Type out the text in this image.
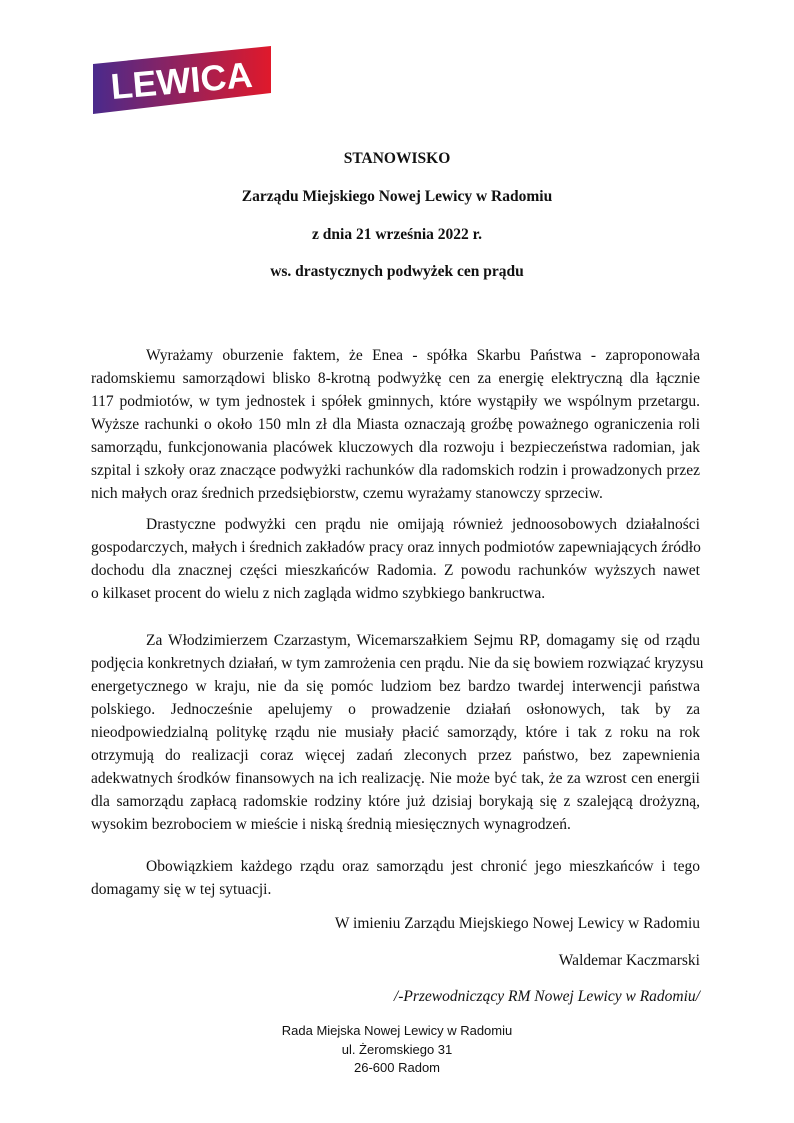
LEWICA
STANOWISKO
Zarządu Miejskiego Nowej Lewicy w Radomiu
z dnia 21 września 2022 r.
ws. drastycznych podwyżek cen prądu
Wyrażamy oburzenie faktem, że Enea - spółka Skarbu Państwa - zaproponowała
radomskiemu samorządowi blisko 8-krotną podwyżkę cen za energię elektryczną dla łącznie
117 podmiotów, w tym jednostek i spółek gminnych, które wystąpiły we wspólnym przetargu.
Wyższe rachunki o około 150 mln zł dla Miasta oznaczają groźbę poważnego ograniczenia roli
samorządu, funkcjonowania placówek kluczowych dla rozwoju i bezpieczeństwa radomian, jak
szpital i szkoły oraz znaczące podwyżki rachunków dla radomskich rodzin i prowadzonych przez
nich małych oraz średnich przedsiębiorstw, czemu wyrażamy stanowczy sprzeciw.
Drastyczne podwyżki cen prądu nie omijają również jednoosobowych działalności
gospodarczych, małych i średnich zakładów pracy oraz innych podmiotów zapewniających źródło
dochodu dla znacznej części mieszkańców Radomia. Z powodu rachunków wyższych nawet
o kilkaset procent do wielu z nich zagląda widmo szybkiego bankructwa.
Za Włodzimierzem Czarzastym, Wicemarszałkiem Sejmu RP, domagamy się od rządu
podjęcia konkretnych działań, w tym zamrożenia cen prądu. Nie da się bowiem rozwiązać kryzysu
energetycznego w kraju, nie da się pomóc ludziom bez bardzo twardej interwencji państwa
polskiego. Jednocześnie apelujemy o prowadzenie działań osłonowych, tak by za
nieodpowiedzialną politykę rządu nie musiały płacić samorządy, które i tak z roku na rok
otrzymują do realizacji coraz więcej zadań zleconych przez państwo, bez zapewnienia
adekwatnych środków finansowych na ich realizację. Nie może być tak, że za wzrost cen energii
dla samorządu zapłacą radomskie rodziny które już dzisiaj borykają się z szalejącą drożyzną,
wysokim bezrobociem w mieście i niską średnią miesięcznych wynagrodzeń.
Obowiązkiem każdego rządu oraz samorządu jest chronić jego mieszkańców i tego
domagamy się w tej sytuacji.
W imieniu Zarządu Miejskiego Nowej Lewicy w Radomiu
Waldemar Kaczmarski
/-Przewodniczący RM Nowej Lewicy w Radomiu/
Rada Miejska Nowej Lewicy w Radomiu
ul. Żeromskiego 31
26-600 Radom
